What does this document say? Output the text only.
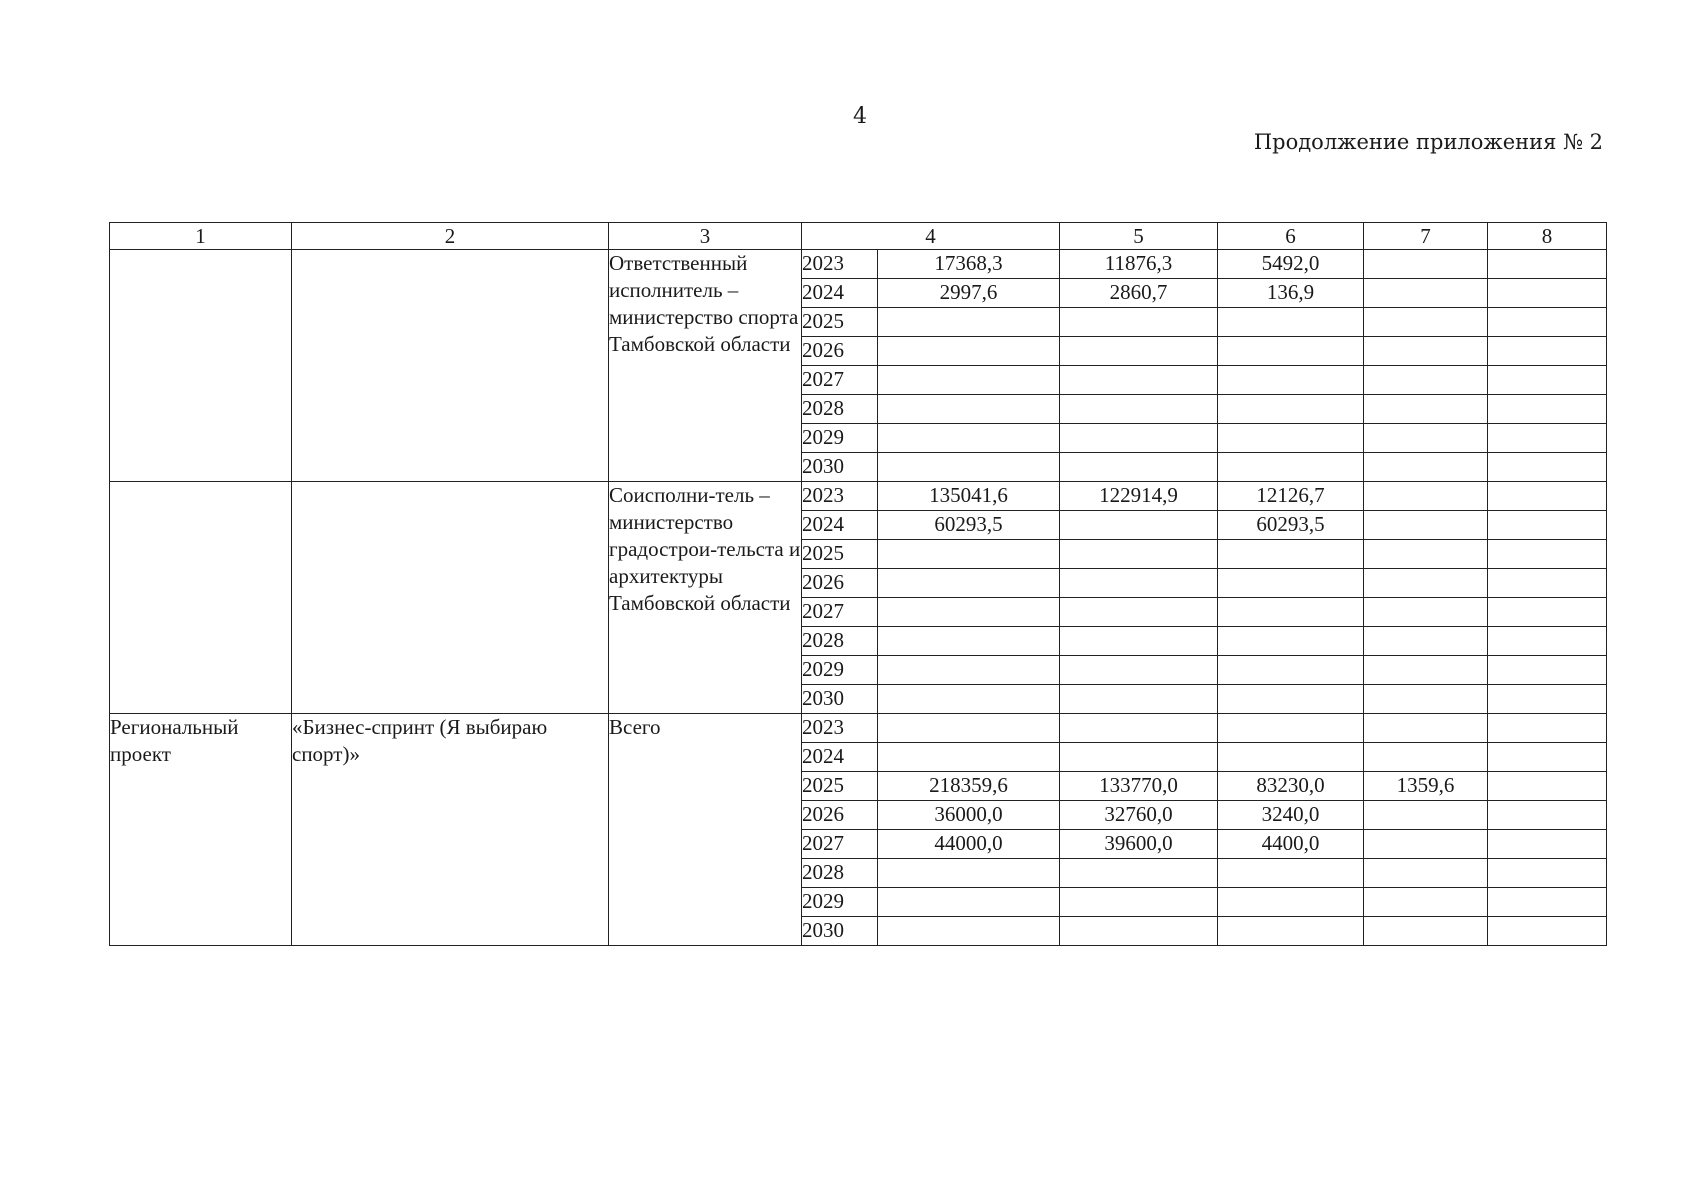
4
Продолжение приложения № 2
1	2	3	4		5	6	7	8
		Ответственный исполнитель – министерство спорта Тамбовской области	2023	17368,3	11876,3	5492,0		
			2024	2997,6	2860,7	136,9		
			2025					
			2026					
			2027					
			2028					
			2029					
			2030					
		Соисполни-тель – министерство градострои-тельста и архитектуры Тамбовской области	2023	135041,6	122914,9	12126,7		
			2024	60293,5		60293,5		
			2025					
			2026					
			2027					
			2028					
			2029					
			2030					
Региональный проект	«Бизнес-спринт (Я выбираю спорт)»	Всего	2023					
			2024					
			2025	218359,6	133770,0	83230,0	1359,6	
			2026	36000,0	32760,0	3240,0		
			2027	44000,0	39600,0	4400,0		
			2028					
			2029					
			2030					
